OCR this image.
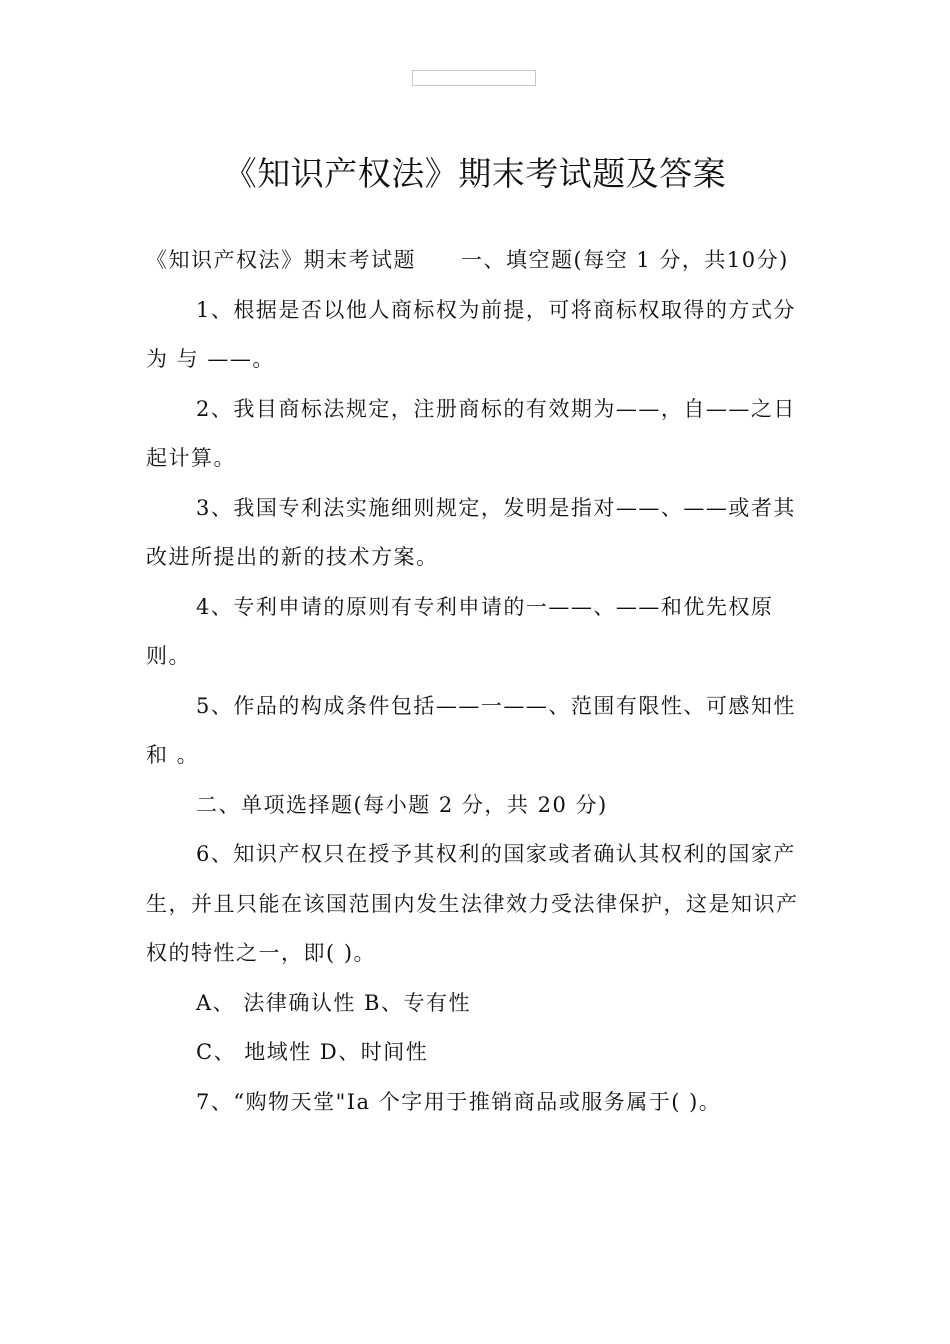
《知识产权法》期末考试题及答案

《知识产权法》期末考试题　　一、填空题(每空 1 分，共10分)

1、根据是否以他人商标权为前提，可将商标权取得的方式分为 与 ——。

2、我目商标法规定，注册商标的有效期为——，自——之日起计算。

3、我国专利法实施细则规定，发明是指对——、——或者其改进所提出的新的技术方案。

4、专利申请的原则有专利申请的一——、——和优先权原则。

5、作品的构成条件包括——一——、范围有限性、可感知性和 。

二、单项选择题(每小题 2 分，共 20 分)

6、知识产权只在授予其权利的国家或者确认其权利的国家产生，并且只能在该国范围内发生法律效力受法律保护，这是知识产权的特性之一，即( )。

A、 法律确认性 B、专有性

C、 地域性 D、时间性

7、“购物天堂"Ia 个字用于推销商品或服务属于( )。
